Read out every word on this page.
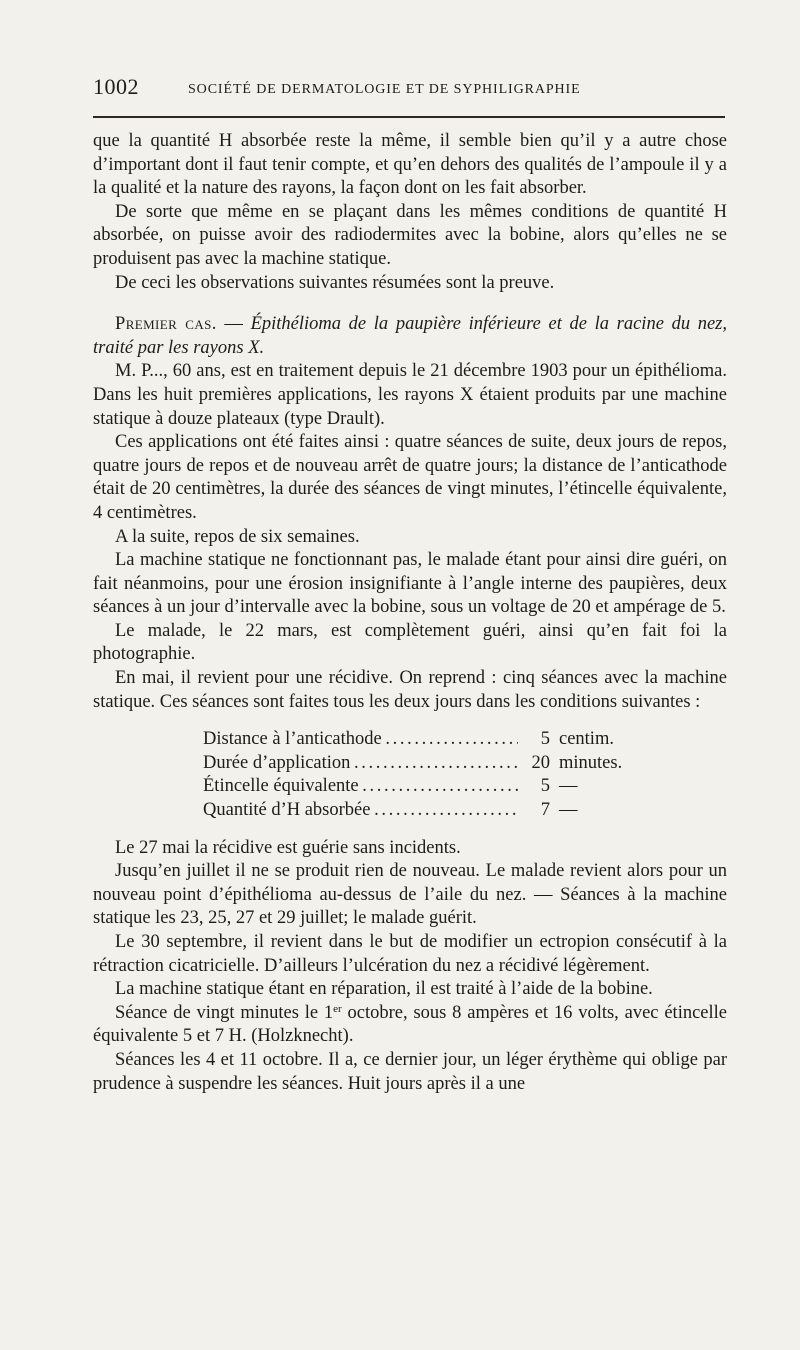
1002	SOCIÉTÉ DE DERMATOLOGIE ET DE SYPHILIGRAPHIE

que la quantité H absorbée reste la même, il semble bien qu’il y a autre chose d’important dont il faut tenir compte, et qu’en dehors des qualités de l’ampoule il y a la qualité et la nature des rayons, la façon dont on les fait absorber.

De sorte que même en se plaçant dans les mêmes conditions de quantité H absorbée, on puisse avoir des radiodermites avec la bobine, alors qu’elles ne se produisent pas avec la machine statique.

De ceci les observations suivantes résumées sont la preuve.

Premier cas. — Épithélioma de la paupière inférieure et de la racine du nez, traité par les rayons X.

M. P..., 60 ans, est en traitement depuis le 21 décembre 1903 pour un épithélioma. Dans les huit premières applications, les rayons X étaient produits par une machine statique à douze plateaux (type Drault).

Ces applications ont été faites ainsi : quatre séances de suite, deux jours de repos, quatre jours de repos et de nouveau arrêt de quatre jours; la distance de l’anticathode était de 20 centimètres, la durée des séances de vingt minutes, l’étincelle équivalente, 4 centimètres.

A la suite, repos de six semaines.

La machine statique ne fonctionnant pas, le malade étant pour ainsi dire guéri, on fait néanmoins, pour une érosion insignifiante à l’angle interne des paupières, deux séances à un jour d’intervalle avec la bobine, sous un voltage de 20 et ampérage de 5.

Le malade, le 22 mars, est complètement guéri, ainsi qu’en fait foi la photographie.

En mai, il revient pour une récidive. On reprend : cinq séances avec la machine statique. Ces séances sont faites tous les deux jours dans les conditions suivantes :

Distance à l’anticathode . . .	5 centim.
Durée d’application . . .	20 minutes.
Étincelle équivalente . . .	5 —
Quantité d’H absorbée . . .	7 —

Le 27 mai la récidive est guérie sans incidents.

Jusqu’en juillet il ne se produit rien de nouveau. Le malade revient alors pour un nouveau point d’épithélioma au-dessus de l’aile du nez. — Séances à la machine statique les 23, 25, 27 et 29 juillet; le malade guérit.

Le 30 septembre, il revient dans le but de modifier un ectropion consécutif à la rétraction cicatricielle. D’ailleurs l’ulcération du nez a récidivé légèrement.

La machine statique étant en réparation, il est traité à l’aide de la bobine.

Séance de vingt minutes le 1er octobre, sous 8 ampères et 16 volts, avec étincelle équivalente 5 et 7 H. (Holzknecht).

Séances les 4 et 11 octobre. Il a, ce dernier jour, un léger érythème qui oblige par prudence à suspendre les séances. Huit jours après il a une
